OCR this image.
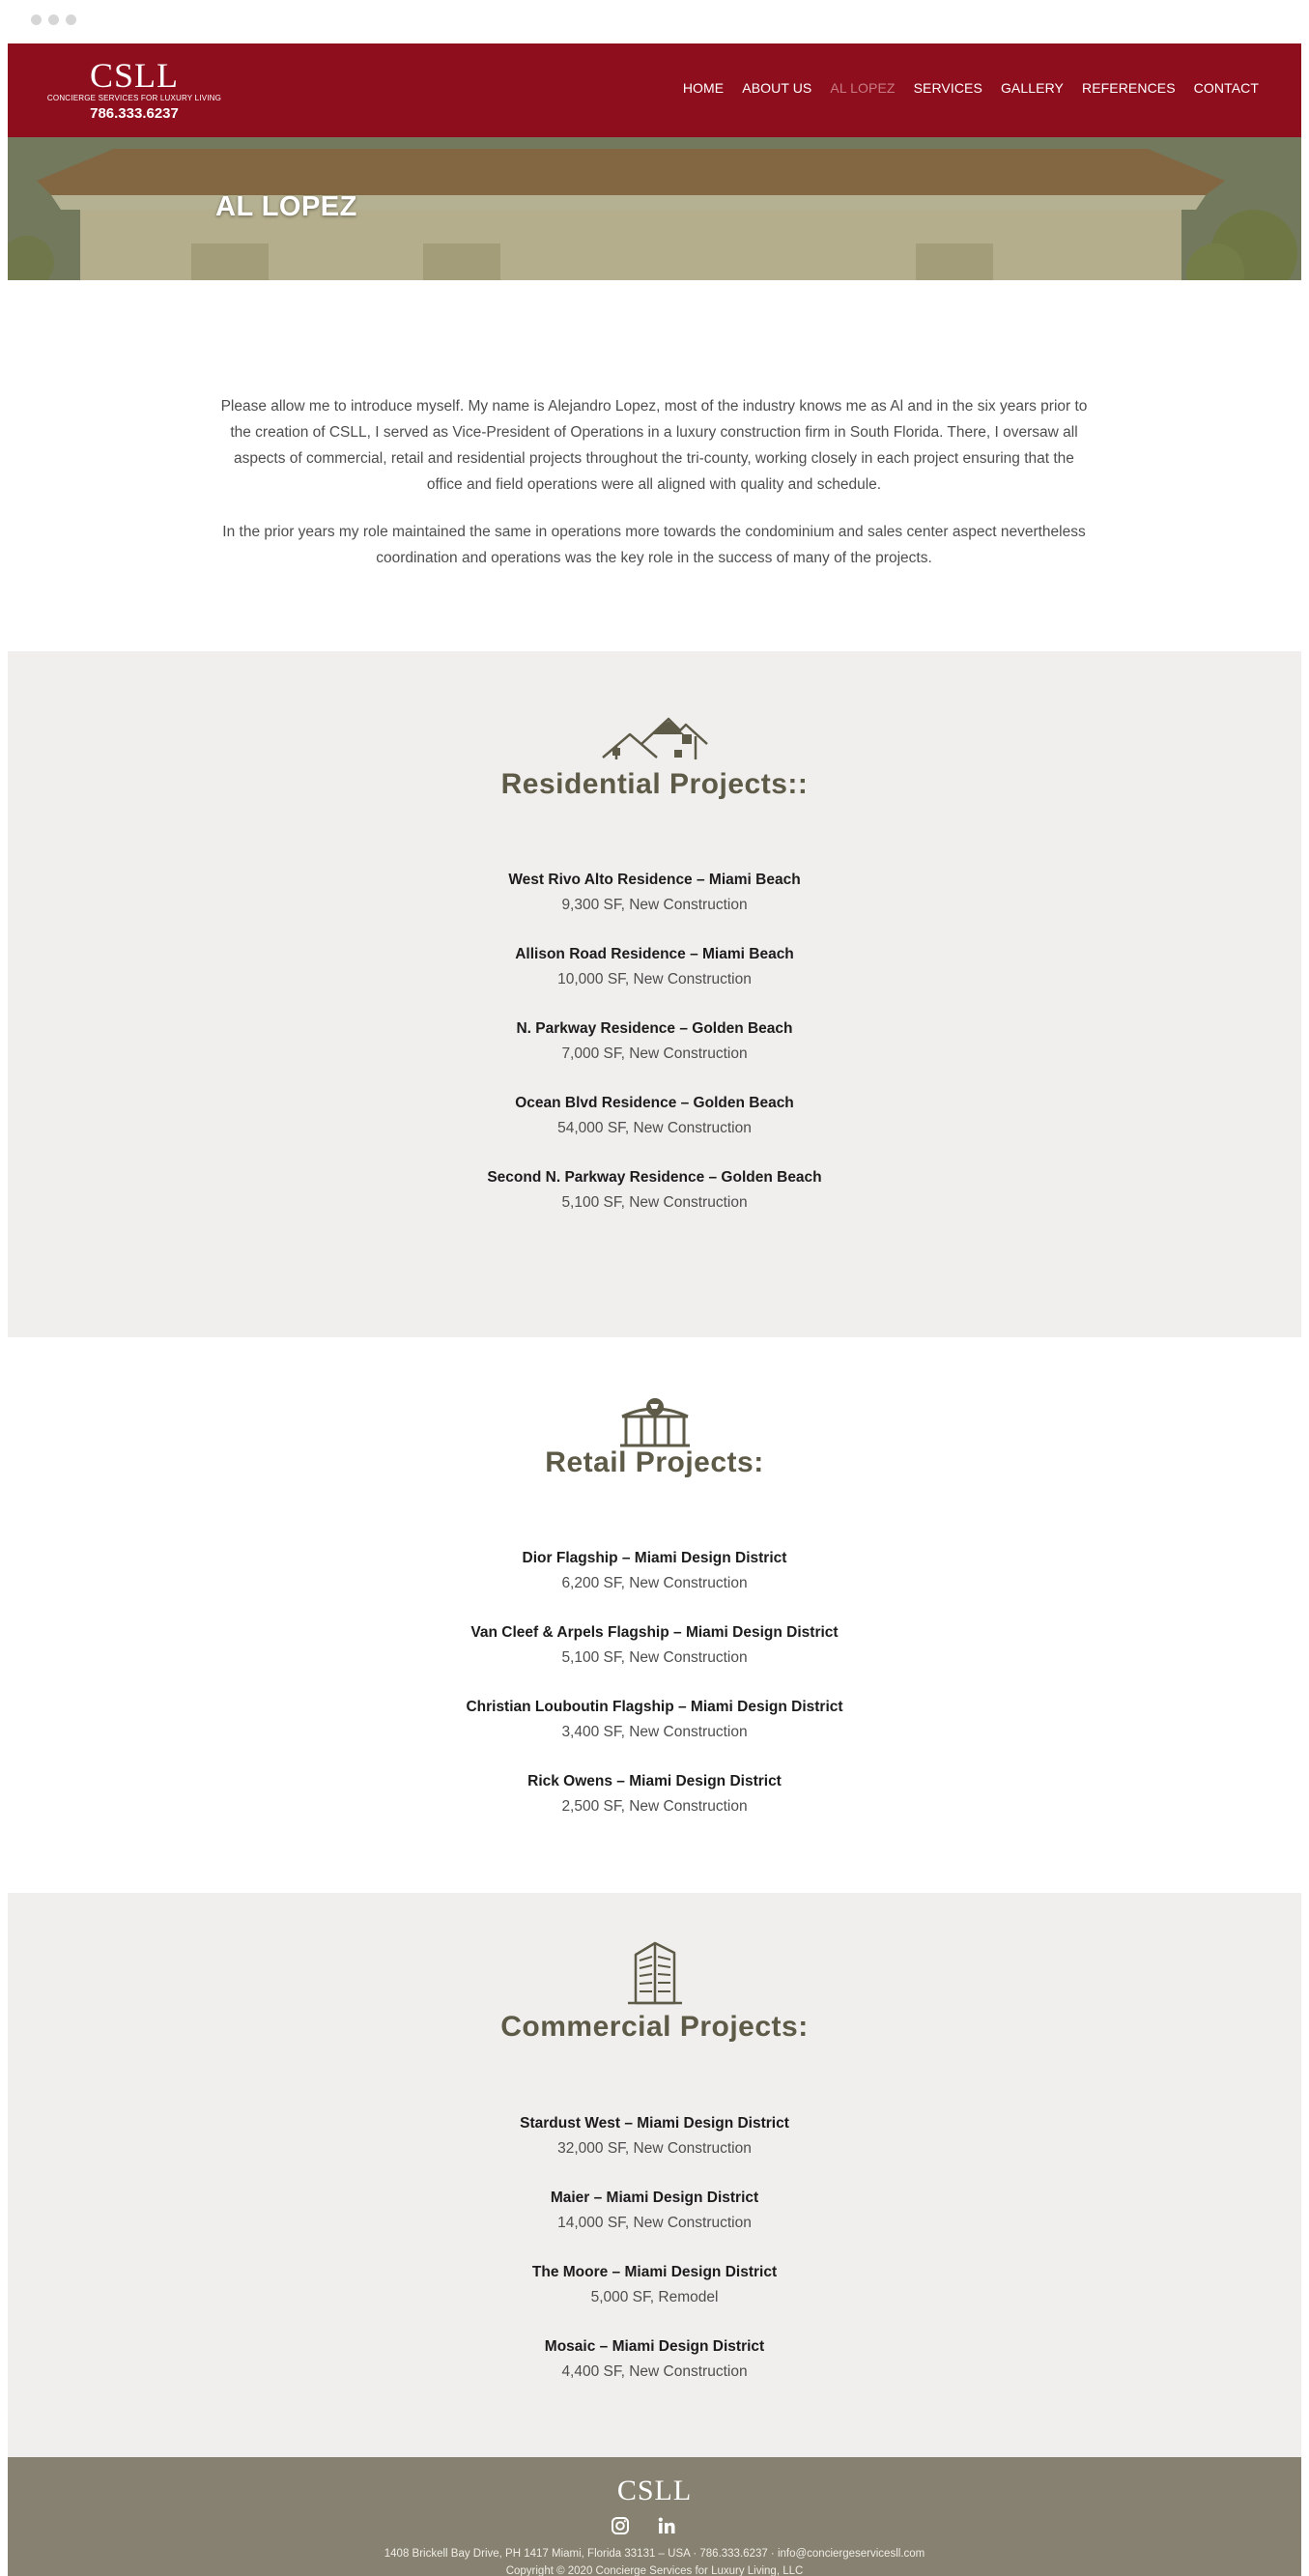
CSLL
CONCIERGE SERVICES FOR LUXURY LIVING
786.333.6237
HOME ABOUT US AL LOPEZ SERVICES GALLERY REFERENCES CONTACT
AL LOPEZ

Please allow me to introduce myself. My name is Alejandro Lopez, most of the industry knows me as Al and in the six years prior to the creation of CSLL, I served as Vice-President of Operations in a luxury construction firm in South Florida. There, I oversaw all aspects of commercial, retail and residential projects throughout the tri-county, working closely in each project ensuring that the office and field operations were all aligned with quality and schedule.

In the prior years my role maintained the same in operations more towards the condominium and sales center aspect nevertheless coordination and operations was the key role in the success of many of the projects.

Residential Projects::
West Rivo Alto Residence – Miami Beach
9,300 SF, New Construction
Allison Road Residence – Miami Beach
10,000 SF, New Construction
N. Parkway Residence – Golden Beach
7,000 SF, New Construction
Ocean Blvd Residence – Golden Beach
54,000 SF, New Construction
Second N. Parkway Residence – Golden Beach
5,100 SF, New Construction
Retail Projects:
Dior Flagship – Miami Design District
6,200 SF, New Construction
Van Cleef & Arpels Flagship – Miami Design District
5,100 SF, New Construction
Christian Louboutin Flagship – Miami Design District
3,400 SF, New Construction
Rick Owens – Miami Design District
2,500 SF, New Construction
Commercial Projects:
Stardust West – Miami Design District
32,000 SF, New Construction
Maier – Miami Design District
14,000 SF, New Construction
The Moore – Miami Design District
5,000 SF, Remodel
Mosaic – Miami Design District
4,400 SF, New Construction
CSLL
1408 Brickell Bay Drive, PH 1417 Miami, Florida 33131 – USA · 786.333.6237 · info@conciergeservicesll.com
Copyright © 2020 Concierge Services for Luxury Living, LLC
